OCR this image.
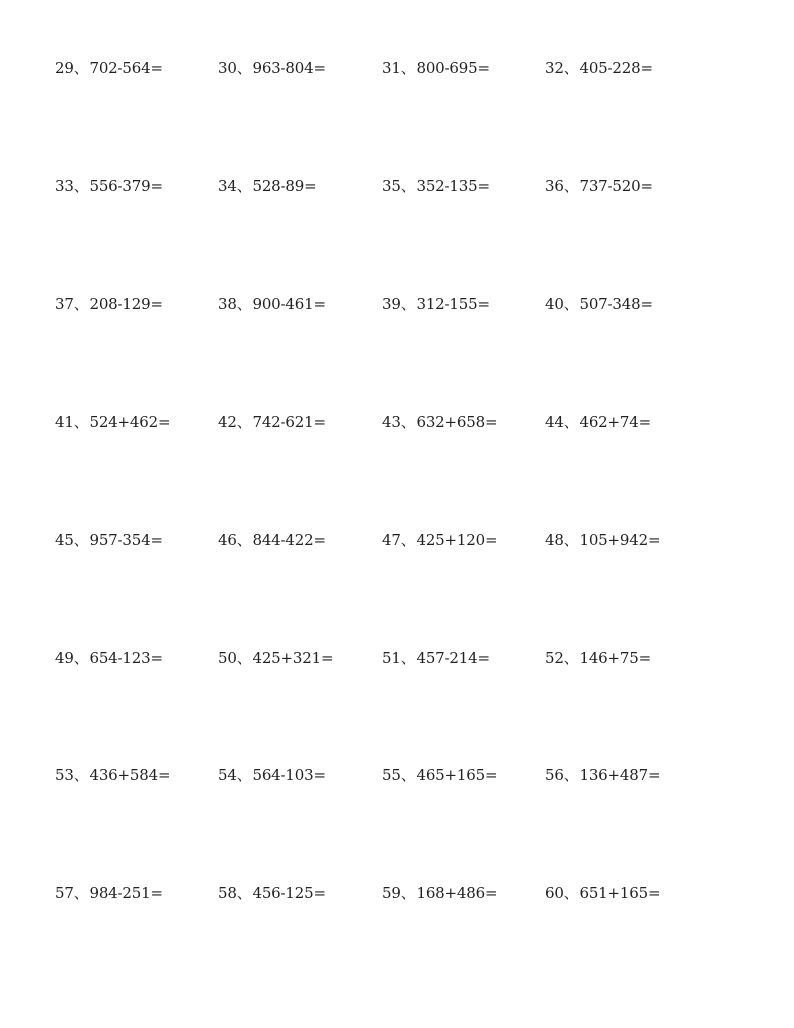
29、702-564=	30、963-804=	31、800-695=	32、405-228=
33、556-379=	34、528-89=	35、352-135=	36、737-520=
37、208-129=	38、900-461=	39、312-155=	40、507-348=
41、524+462=	42、742-621=	43、632+658=	44、462+74=
45、957-354=	46、844-422=	47、425+120=	48、105+942=
49、654-123=	50、425+321=	51、457-214=	52、146+75=
53、436+584=	54、564-103=	55、465+165=	56、136+487=
57、984-251=	58、456-125=	59、168+486=	60、651+165=
